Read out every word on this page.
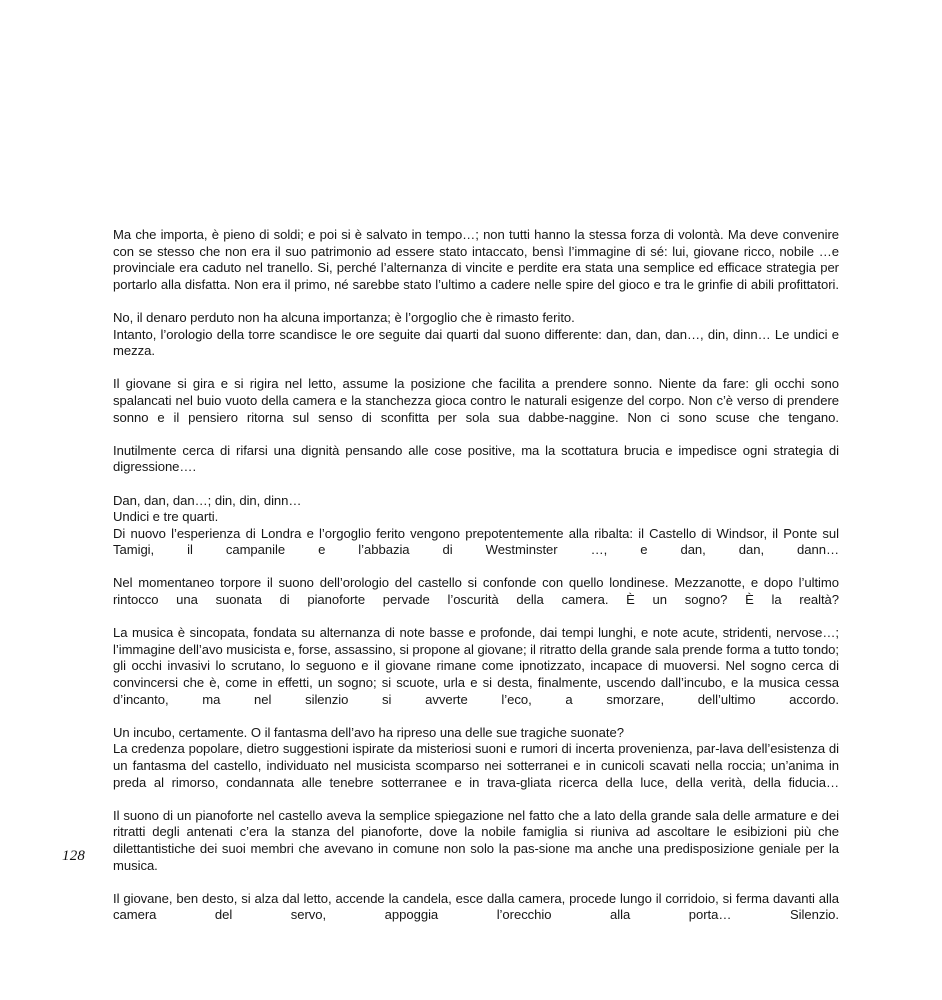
Ma che importa, è pieno di soldi; e poi si è salvato in tempo…; non tutti hanno la stessa forza di volontà. Ma deve convenire con se stesso che non era il suo patrimonio ad essere stato intaccato, bensì l’immagine di sé: lui, giovane ricco, nobile …e provinciale era caduto nel tranello. Si, perché l’alternanza di vincite e perdite era stata una semplice ed efficace strategia per portarlo alla disfatta. Non era il primo, né sarebbe stato l’ultimo a cadere nelle spire del gioco e tra le grinfie di abili profittatori.

No, il denaro perduto non ha alcuna importanza; è l’orgoglio che è rimasto ferito.

Intanto, l’orologio della torre scandisce le ore seguite dai quarti dal suono differente: dan, dan, dan…, din, dinn… Le undici e mezza.

Il giovane si gira e si rigira nel letto, assume la posizione che facilita a prendere sonno. Niente da fare: gli occhi sono spalancati nel buio vuoto della camera e la stanchezza gioca contro le naturali esigenze del corpo. Non c’è verso di prendere sonno e il pensiero ritorna sul senso di sconfitta per sola sua dabbe-naggine. Non ci sono scuse che tengano.

Inutilmente cerca di rifarsi una dignità pensando alle cose positive, ma la scottatura brucia e impedisce ogni strategia di digressione….

Dan, dan, dan…; din, din, dinn…

Undici e tre quarti.

Di nuovo l’esperienza di Londra e l’orgoglio ferito vengono prepotentemente alla ribalta: il Castello di Windsor, il Ponte sul Tamigi, il campanile e l’abbazia di Westminster …, e dan, dan, dann…

Nel momentaneo torpore il suono dell’orologio del castello si confonde con quello londinese. Mezzanotte, e dopo l’ultimo rintocco una suonata di pianoforte pervade l’oscurità della camera. È un sogno? È la realtà?

La musica è sincopata, fondata su alternanza di note basse e profonde, dai tempi lunghi, e note acute, stridenti, nervose…; l’immagine dell’avo musicista e, forse, assassino, si propone al giovane; il ritratto della grande sala prende forma a tutto tondo; gli occhi invasivi lo scrutano, lo seguono e il giovane rimane come ipnotizzato, incapace di muoversi. Nel sogno cerca di convincersi che è, come in effetti, un sogno; si scuote, urla e si desta, finalmente, uscendo dall’incubo, e la musica cessa d’incanto, ma nel silenzio si avverte l’eco, a smorzare, dell’ultimo accordo.

Un incubo, certamente. O il fantasma dell’avo ha ripreso una delle sue tragiche suonate?

La credenza popolare, dietro suggestioni ispirate da misteriosi suoni e rumori di incerta provenienza, par-lava dell’esistenza di un fantasma del castello, individuato nel musicista scomparso nei sotterranei e in cunicoli scavati nella roccia; un’anima in preda al rimorso, condannata alle tenebre sotterranee e in trava-gliata ricerca della luce, della verità, della fiducia…

Il suono di un pianoforte nel castello aveva la semplice spiegazione nel fatto che a lato della grande sala delle armature e dei ritratti degli antenati c’era la stanza del pianoforte, dove la nobile famiglia si riuniva ad ascoltare le esibizioni più che dilettantistiche dei suoi membri che avevano in comune non solo la pas-sione ma anche una predisposizione geniale per la musica.

Il giovane, ben desto, si alza dal letto, accende la candela, esce dalla camera, procede lungo il corridoio, si ferma davanti alla camera del servo, appoggia l’orecchio alla porta… Silenzio.

128
